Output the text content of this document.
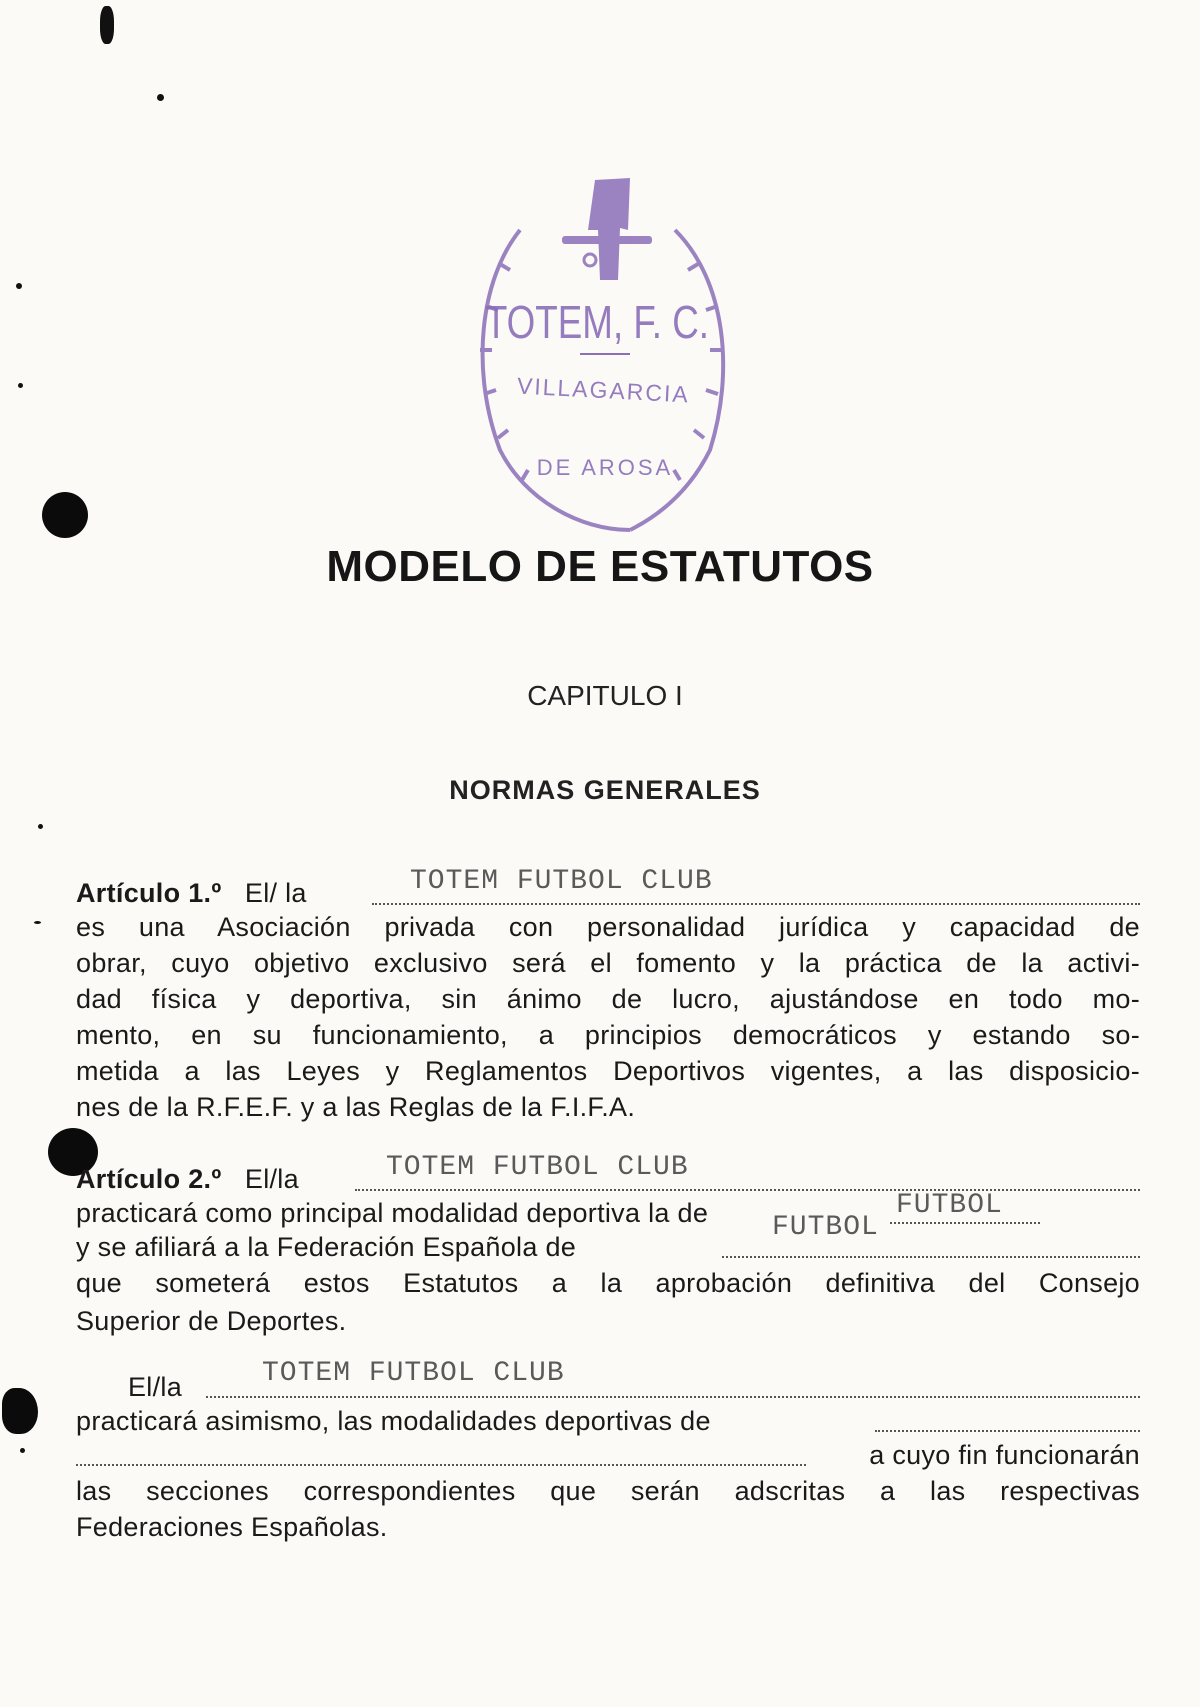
TOTEM, F. C.
VILLAGARCIA
DE AROSA
MODELO DE ESTATUTOS
CAPITULO I
NORMAS GENERALES
Artículo 1.º El/ la	TOTEM FUTBOL CLUB
es una Asociación privada con personalidad jurídica y capacidad de
obrar, cuyo objetivo exclusivo será el fomento y la práctica de la activi-
dad física y deportiva, sin ánimo de lucro, ajustándose en todo mo-
mento, en su funcionamiento, a principios democráticos y estando so-
metida a las Leyes y Reglamentos Deportivos vigentes, a las disposicio-
nes de la R.F.E.F. y a las Reglas de la F.I.F.A.
Artículo 2.º El/la	TOTEM FUTBOL CLUB
practicará como principal modalidad deportiva la de	FUTBOL
y se afiliará a la Federación Española de
FUTBOL
que someterá estos Estatutos a la aprobación definitiva del Consejo
Superior de Deportes.
El/la	TOTEM FUTBOL CLUB
practicará asimismo, las modalidades deportivas de
a cuyo fin funcionarán
las secciones correspondientes que serán adscritas a las respectivas
Federaciones Españolas.
